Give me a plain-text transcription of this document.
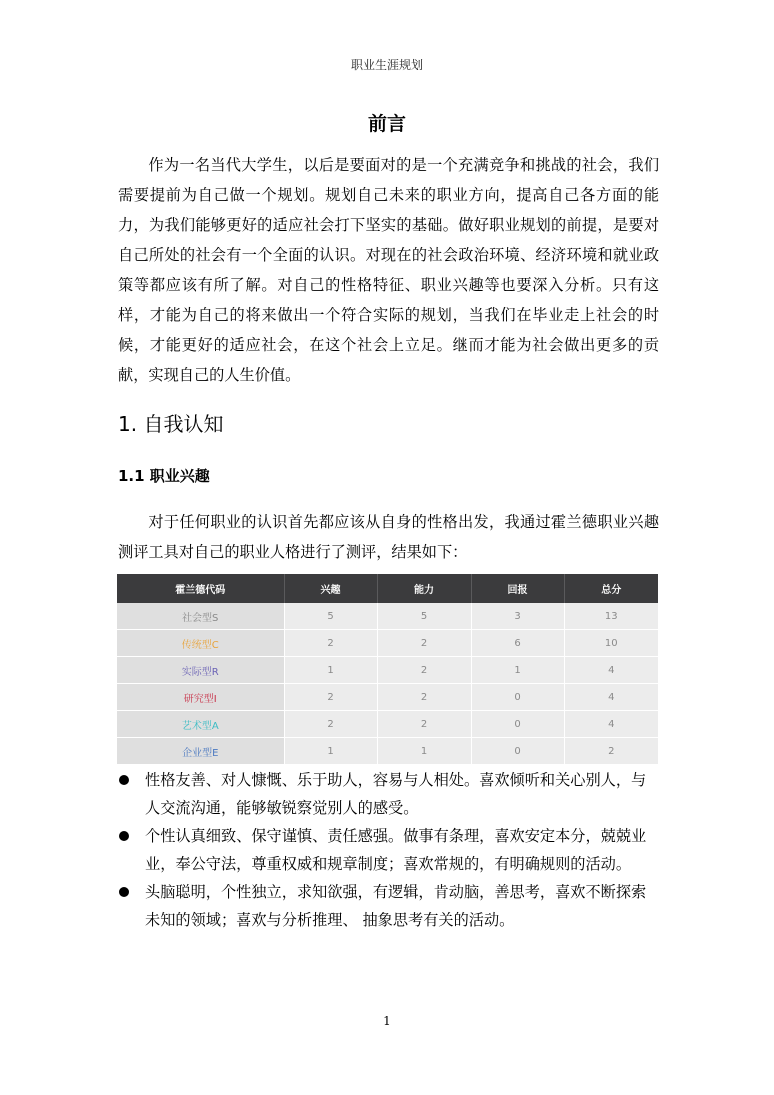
职业生涯规划
前言

作为一名当代大学生，以后是要面对的是一个充满竞争和挑战的社会，我们需要提前为自己做一个规划。规划自己未来的职业方向，提高自己各方面的能力，为我们能够更好的适应社会打下坚实的基础。做好职业规划的前提，是要对自己所处的社会有一个全面的认识。对现在的社会政治环境、经济环境和就业政策等都应该有所了解。对自己的性格特征、职业兴趣等也要深入分析。只有这样，才能为自己的将来做出一个符合实际的规划，当我们在毕业走上社会的时候，才能更好的适应社会，在这个社会上立足。继而才能为社会做出更多的贡献，实现自己的人生价值。

1. 自我认知
1.1 职业兴趣

对于任何职业的认识首先都应该从自身的性格出发，我通过霍兰德职业兴趣测评工具对自己的职业人格进行了测评，结果如下：

霍兰德代码	兴趣	能力	回报	总分
社会型S	5	5	3	13
传统型C	2	2	6	10
实际型R	1	2	1	4
研究型I	2	2	0	4
艺术型A	2	2	0	4
企业型E	1	1	0	2
性格友善、对人慷慨、乐于助人，容易与人相处。喜欢倾听和关心别人，与人交流沟通，能够敏锐察觉别人的感受。
个性认真细致、保守谨慎、责任感强。做事有条理，喜欢安定本分，兢兢业业，奉公守法，尊重权威和规章制度；喜欢常规的，有明确规则的活动。
头脑聪明，个性独立，求知欲强，有逻辑，肯动脑，善思考，喜欢不断探索未知的领域；喜欢与分析推理、 抽象思考有关的活动。
1
